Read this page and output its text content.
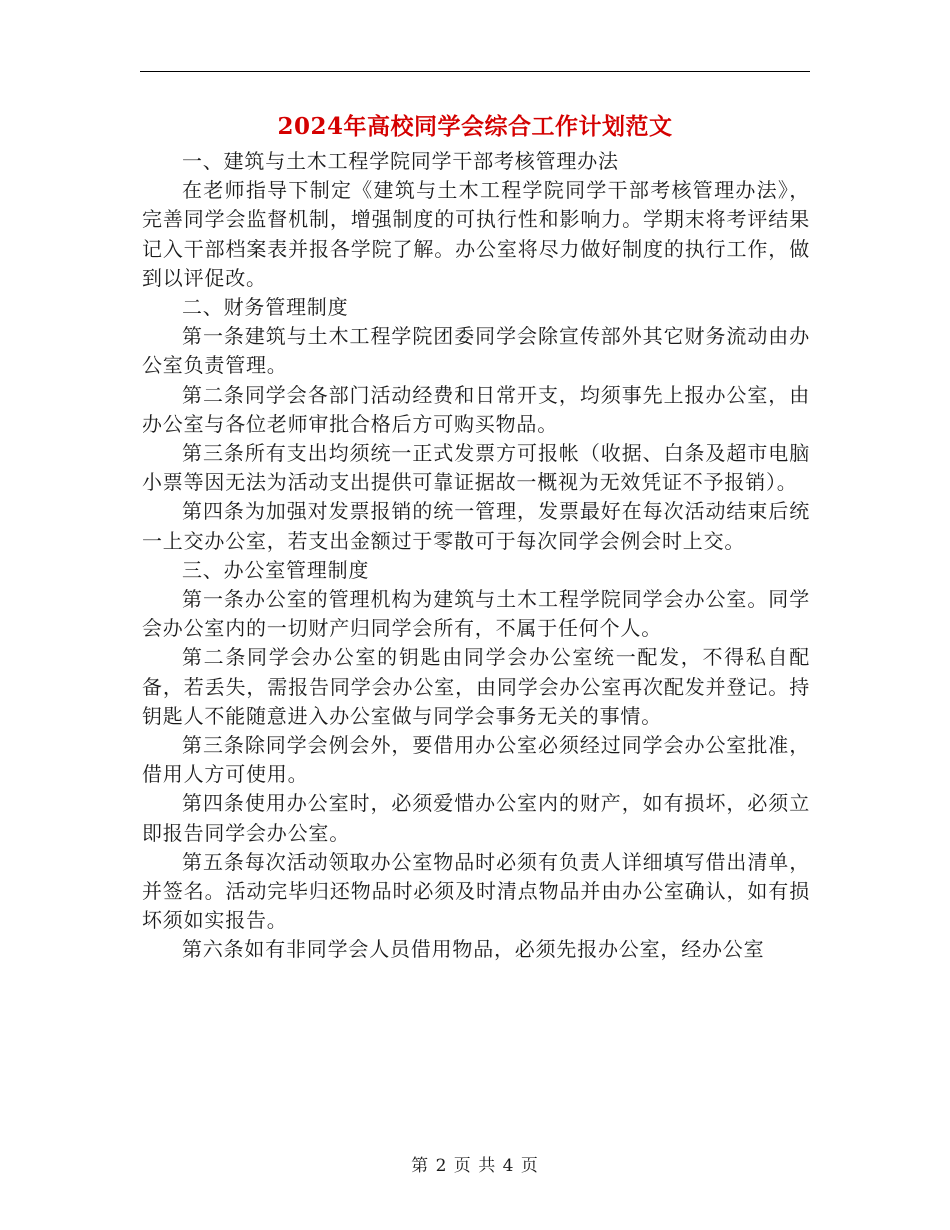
2024年高校同学会综合工作计划范文

一、建筑与土木工程学院同学干部考核管理办法

在老师指导下制定《建筑与土木工程学院同学干部考核管理办法》，完善同学会监督机制，增强制度的可执行性和影响力。学期末将考评结果记入干部档案表并报各学院了解。办公室将尽力做好制度的执行工作，做到以评促改。

二、财务管理制度

第一条建筑与土木工程学院团委同学会除宣传部外其它财务流动由办公室负责管理。

第二条同学会各部门活动经费和日常开支，均须事先上报办公室，由办公室与各位老师审批合格后方可购买物品。

第三条所有支出均须统一正式发票方可报帐（收据、白条及超市电脑小票等因无法为活动支出提供可靠证据故一概视为无效凭证不予报销）。

第四条为加强对发票报销的统一管理，发票最好在每次活动结束后统一上交办公室，若支出金额过于零散可于每次同学会例会时上交。

三、办公室管理制度

第一条办公室的管理机构为建筑与土木工程学院同学会办公室。同学会办公室内的一切财产归同学会所有，不属于任何个人。

第二条同学会办公室的钥匙由同学会办公室统一配发，不得私自配备，若丢失，需报告同学会办公室，由同学会办公室再次配发并登记。持钥匙人不能随意进入办公室做与同学会事务无关的事情。

第三条除同学会例会外，要借用办公室必须经过同学会办公室批准，借用人方可使用。

第四条使用办公室时，必须爱惜办公室内的财产，如有损坏，必须立即报告同学会办公室。

第五条每次活动领取办公室物品时必须有负责人详细填写借出清单，并签名。活动完毕归还物品时必须及时清点物品并由办公室确认，如有损坏须如实报告。

第六条如有非同学会人员借用物品，必须先报办公室，经办公室

第 2 页 共 4 页
